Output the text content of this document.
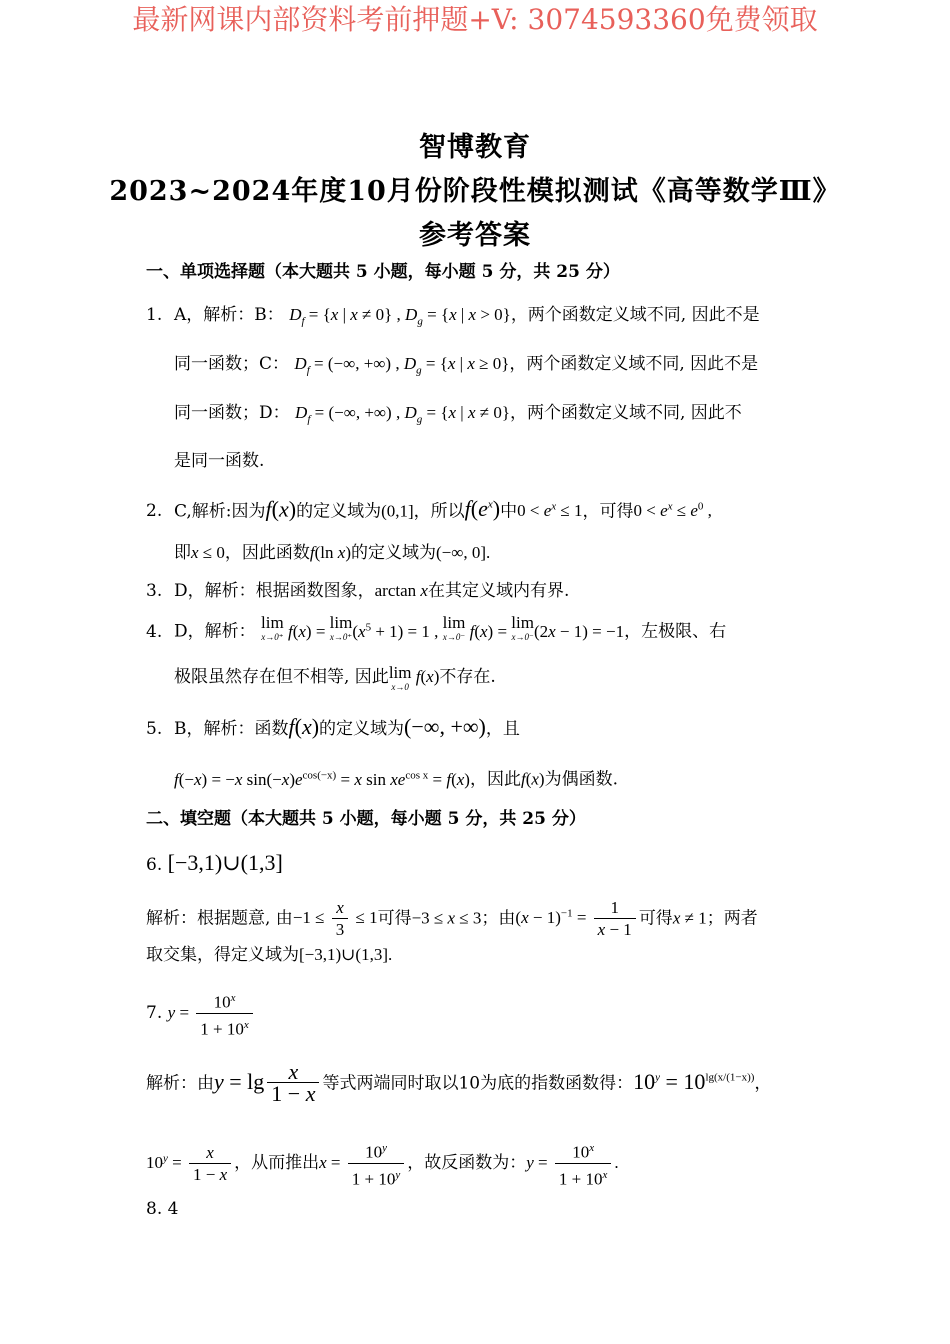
最新网课内部资料考前押题+V: 3074593360免费领取
智博教育
2023~2024年度10月份阶段性模拟测试《高等数学Ⅲ》
参考答案
一、单项选择题（本大题共 5 小题，每小题 5 分，共 25 分）
1. A，解析：B： $D_f = \{x$ | x ≠ 0} , $D_g = \{x$ | x > 0}，两个函数定义域不同, 因此不是
同一函数；C： $D_f$ = (−∞, +∞) , $D_g = \{x$ | x ≥ 0}，两个函数定义域不同, 因此不是
同一函数；D： $D_f$ = (−∞, +∞) , $D_g = \{x$ | x ≠ 0}，两个函数定义域不同, 因此不
是同一函数.
2. C,解析:因为f(x)的定义域为(0,1]，所以$f(e^x)$中$0 < e^x \le 1$，可得$0 < e^x \le e^0$ ,
即x ≤ 0，因此函数f(ln x)的定义域为(−∞, 0].
3. D，解析：根据函数图象，arctan x在其定义域内有界.
4. D，解析： lim
x→0⁺ f(x) = lim
x→0⁺ $(x^5 + 1) = 1$ , lim
x→0⁻ f(x) = lim
x→0⁻ (2x − 1) = −1，左极限、右
极限虽然存在但不相等, 因此lim
x→0
f(x)不存在.
5. B，解析：函数f(x)的定义域为(−∞, +∞)，且
f(−x) = −x $\sin(-x)e^{cos(-x)} = x$ $\sin xe^{cos x} = f(x)$，因此f(x)为偶函数.
二、填空题（本大题共 5 小题，每小题 5 分，共 25 分）
6. [−3,1)∪(1,3]
解析：根据题意, 由$-1 \le \frac{x}{3} \le 1$可得−3 ≤ x ≤ 3；由$(x - 1)^{-1} = \frac{1}{x - 1}$ 可得x ≠ 1；两者
取交集，得定义域为[−3,1)∪(1,3].
7. $y = \frac{10^x}{1 + 10^x}$
解析：由$y = \lg \frac{x}{1 - x}$ 等式两端同时取以10为底的指数函数得：$10^y = 10^{lg(x/(1-x))}$，
$10^y = \frac{x}{1 - x}$ ，从而推出$x = \frac{10^y}{1 + 10^y}$ ，故反函数为：$y = \frac{10^x}{1 + 10^x}$ .
8. 4
